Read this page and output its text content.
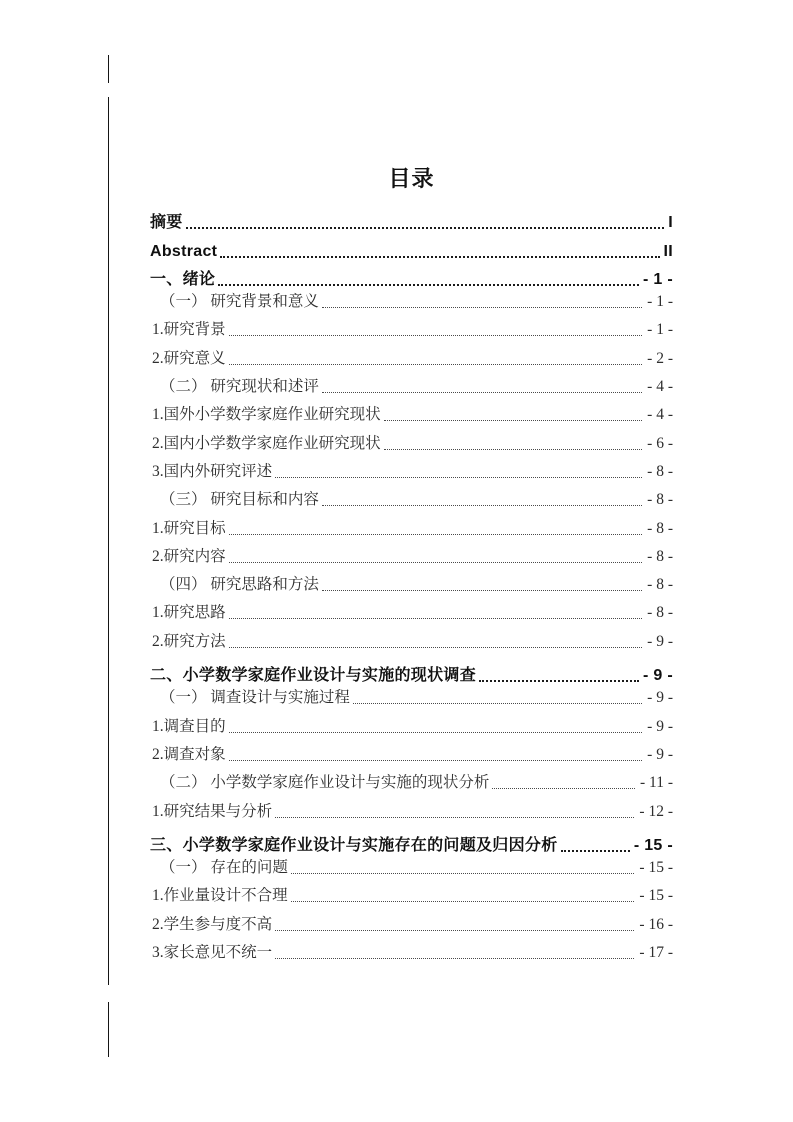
目录
摘要	I
Abstract	II
一、绪论	- 1 -
（一） 研究背景和意义	- 1 -
1.研究背景	- 1 -
2.研究意义	- 2 -
（二） 研究现状和述评	- 4 -
1.国外小学数学家庭作业研究现状	- 4 -
2.国内小学数学家庭作业研究现状	- 6 -
3.国内外研究评述	- 8 -
（三） 研究目标和内容	- 8 -
1.研究目标	- 8 -
2.研究内容	- 8 -
（四） 研究思路和方法	- 8 -
1.研究思路	- 8 -
2.研究方法	- 9 -
二、小学数学家庭作业设计与实施的现状调查	- 9 -
（一） 调查设计与实施过程	- 9 -
1.调查目的	- 9 -
2.调查对象	- 9 -
（二） 小学数学家庭作业设计与实施的现状分析	- 11 -
1.研究结果与分析	- 12 -
三、小学数学家庭作业设计与实施存在的问题及归因分析	- 15 -
（一） 存在的问题	- 15 -
1.作业量设计不合理	- 15 -
2.学生参与度不高	- 16 -
3.家长意见不统一	- 17 -
